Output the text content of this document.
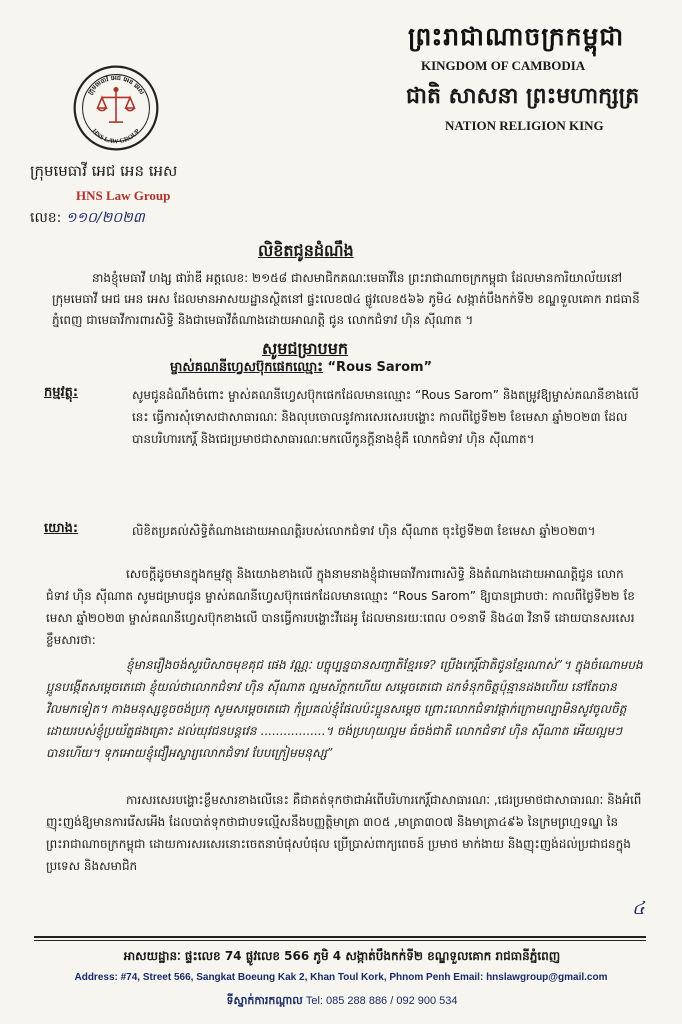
ព្រះរាជាណាចក្រកម្ពុជា
KINGDOM OF CAMBODIA
ជាតិ សាសនា ព្រះមហាក្សត្រ
NATION RELIGION KING
ក្រុមមេធាវី អេជ អេន អេស
HNS LAW GROUP
ក្រុមមេធាវី អេជ អេន អេស
HNS Law Group
លេខ: ១១០/២០២៣
លិខិតជូនដំណឹង
នាងខ្ញុំមេធាវី ហង្ស ផារ៉ាឌី អត្តលេខ: ២១៥៨ ជាសមាជិកគណៈមេធាវីនៃ ព្រះរាជាណាចក្រកម្ពុជា ដែលមានការិយាល័យនៅ ក្រុមមេធាវី អេជ អេន អេស ដែលមានអាសយដ្ឋានស្ថិតនៅ ផ្ទះលេខ៧៤ ផ្លូវលេខ៥៦៦ ភូមិ៤ សង្កាត់បឹងកក់ទី២ ខណ្ឌទួលគោក រាជធានីភ្នំពេញ ជាមេធាវីការពារសិទ្ធិ និងជាមេធាវីតំណាងដោយអាណត្តិ ជូន លោកជំទាវ ហ៊ិន ស៊ីណាត ។
សូមជម្រាបមក
ម្ចាស់គណនីហ្វេសប៊ុកផេកឈ្មោះ “Rous Sarom”
កម្មវត្ថុ:	សូមជូនដំណឹងចំពោះ ម្ចាស់គណនីហ្វេសប៊ុកផេកដែលមានឈ្មោះ “Rous Sarom” និងតម្រូវឱ្យម្ចាស់គណនីខាងលើនេះ ធ្វើការសុំទោសជាសាធារណៈ និងលុបចោលនូវការសេរសេរបង្ហោះ កាលពីថ្ងៃទី២២ ខែមេសា ឆ្នាំ២០២៣ ដែលបានបរិហារកេរ្តិ៍ និងជេរប្រមាថជាសាធារណៈមកលើកូនក្តីនាងខ្ញុំគឺ លោកជំទាវ ហ៊ិន ស៊ីណាត។
យោង:	លិខិតប្រគល់សិទ្ធិតំណាងដោយអាណត្តិរបស់លោកជំទាវ ហ៊ិន ស៊ីណាត ចុះថ្ងៃទី២៣ ខែមេសា ឆ្នាំ២០២៣។
សេចក្តីដូចមានក្នុងកម្មវត្ថុ និងយោងខាងលើ ក្នុងនាមនាងខ្ញុំជាមេធាវីការពារសិទ្ធិ និងតំណាងដោយអាណត្តិជូន លោកជំទាវ ហ៊ិន ស៊ីណាត សូមជម្រាបជូន ម្ចាស់គណនីហ្វេសប៊ុកផេកដែលមានឈ្មោះ “Rous Sarom” ឱ្យបានជ្រាបថា: កាលពីថ្ងៃទី២២ ខែមេសា ឆ្នាំ២០២៣ ម្ចាស់គណនីហ្វេសប៊ុកខាងលើ បានធ្វើការបង្ហោះវីដេអូ ដែលមានរយ:ពេល ០១នាទី និង៤៣ វិនាទី ដោយបានសរសេរខ្លឹមសារថា:
ខ្ញុំមានរឿងចង់សួរបិសាចមុខគុជ ផេង វណ្ណៈ បច្ចុប្បន្នបានសញ្ជាតិខ្មែរទេ? ប្រើងកេរ្តិ៍ជាតិជូនខ្មែរណាស់”។ ក្នុងចំណោមបងប្អូនបង្កើតសម្តេចតេជោ ខ្ញុំយល់ថាលោកជំទាវ ហ៊ិន ស៊ីណាត ល្អមស័ក្តកហើយ សម្តេចតេជោ ដកទំនុកចិត្តប៉ុន្មានដងហើយ នៅតែបានវិលមកទៀត។ កាងមនុស្សខូចចង់ប្រកុ សូមសម្តេចតេជោ កុំប្រគល់ខ្ញុំផែលប៉ះប្អូនសម្តេច ព្រោះលោកជំទាវផ្តាក់ក្រោមល្បាមិនសូវចូលចិត្ត ដោយរបស់ខ្ញុំប្រយ័ត្នផងគ្រោះ ដល់យុវជនបន្តវេន .................។ ចង់ប្រហុយល្អម ធំចង់ជាតិ លោកជំទាវ ហ៊ិន ស៊ីណាត អើយល្អមៗ បានហើយ។ ទុកអោយខ្ញុំជឿអស្ចារ្យលោកជំទាវ បែបក្រៀមមនុស្ស”
ការសរសេរបង្ហោះខ្លឹមសារខាងលើនេះ គឺជាគត់ទុកថាជាអំពើបរិហារកេរ្តិ៍ជាសាធារណៈ ,ជេរប្រមាថជាសាធារណៈ និងអំពើញុះញង់ឱ្យមានការរើសអើង ដែលបាត់ទុកថាជាបទល្មើសនឹងបញ្ញត្តិមាត្រា ៣០៥ ,មាត្រា៣០៧ និងមាត្រា៤៩៦ នៃក្រមព្រហ្មទណ្ឌ នៃព្រះរាជាណាចក្រកម្ពុជា ដោយការសរសេរនោះចេតនាបំផុសបំផុល ប្រើប្រាស់ពាក្យពេចន៍ ប្រមាថ មាក់ងាយ និងញុះញង់ដល់ប្រជាជនក្នុងប្រទេស និងសមាជិក
៤
អាសយដ្ឋានៈ ផ្ទះលេខ 74 ផ្លូវលេខ 566 ភូមិ 4 សង្កាត់បឹងកក់ទី២ ខណ្ឌទួលគោក រាជធានីភ្នំពេញ
Address: #74, Street 566, Sangkat Boeung Kak 2, Khan Toul Kork, Phnom Penh Email: hnslawgroup@gmail.com
ទីស្នាក់ការកណ្តាល Tel: 085 288 886 / 092 900 534
